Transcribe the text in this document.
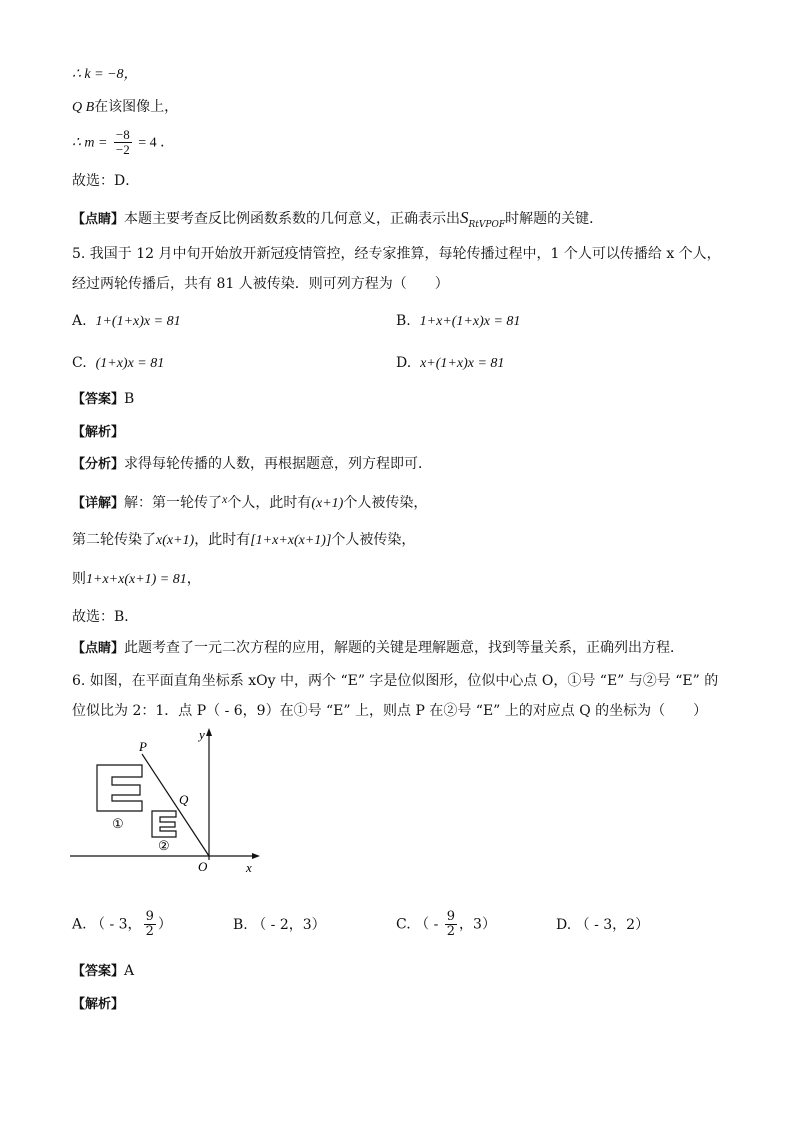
∴ k = −8，
Q B在该图像上，
∴ $m = \frac{-8}{-2} = 4$ ．
故选：D．
【点睛】本题主要考查反比例函数系数的几何意义，正确表示出$S_{RtVPOF}$时解题的关键．
5. 我国于 12 月中旬开始放开新冠疫情管控，经专家推算，每轮传播过程中，1 个人可以传播给 x 个人，
经过两轮传播后，共有 81 人被传染．则可列方程为（　　）
A. 1+(1+x)x = 81	B. 1+x+(1+x)x = 81
C. (1+x)x = 81	D. x+(1+x)x = 81
【答案】B
【解析】
【分析】求得每轮传播的人数，再根据题意，列方程即可．
【详解】解：第一轮传了x个人，此时有(x+1)个人被传染，
第二轮传染了x(x+1)，此时有[1+x+x(x+1)]个人被传染，
则1+x+x(x+1) = 81，
故选：B．
【点睛】此题考查了一元二次方程的应用，解题的关键是理解题意，找到等量关系，正确列出方程．
6. 如图，在平面直角坐标系 xOy 中，两个 “E” 字是位似图形，位似中心点 O，①号 “E” 与②号 “E” 的
位似比为 2：1．点 P（ - 6，9）在①号 “E” 上，则点 P 在②号 “E” 上的对应点 Q 的坐标为（　　）
y
x
O
P
Q
①
②
A. （ - 3， $\frac{9}{2}$ ）	B. （ - 2，3）	C. （ - $\frac{9}{2}$ ，3）	D. （ - 3，2）
【答案】A
【解析】
